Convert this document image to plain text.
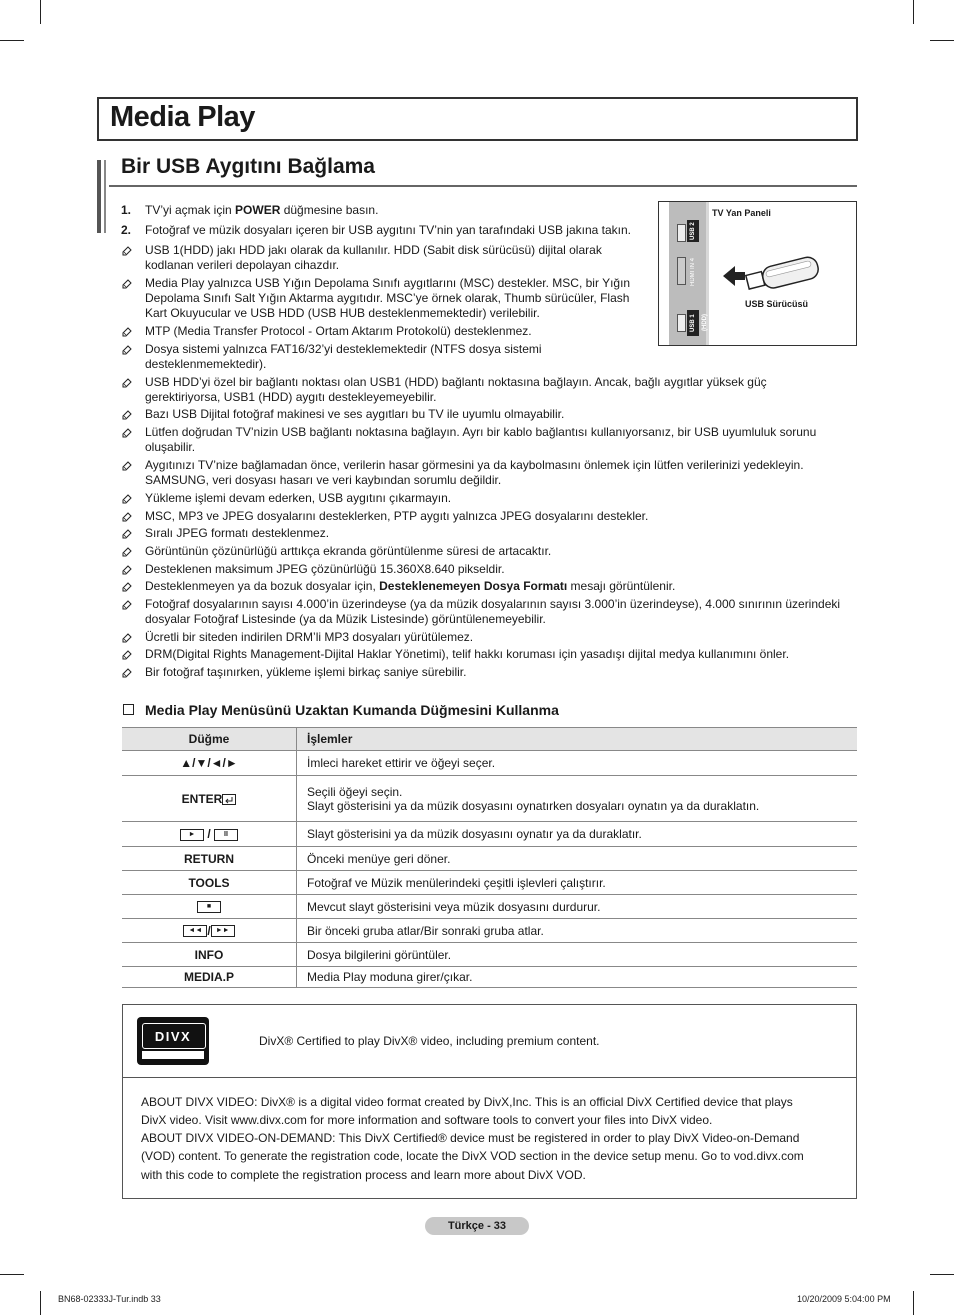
Media Play
Bir USB Aygıtını Bağlama
USB 2
HDMI IN 4
USB 1 (HDD)
TV Yan Paneli
USB Sürücüsü
1. TV’yi açmak için POWER düğmesine basın.
2. Fotoğraf ve müzik dosyaları içeren bir USB aygıtını TV’nin yan tarafındaki USB jakına takın.
USB 1(HDD) jakı HDD jakı olarak da kullanılır. HDD (Sabit disk sürücüsü) dijital olarak
kodlanan verileri depolayan cihazdır.
Media Play yalnızca USB Yığın Depolama Sınıfı aygıtlarını (MSC) destekler. MSC, bir Yığın
Depolama Sınıfı Salt Yığın Aktarma aygıtıdır. MSC’ye örnek olarak, Thumb sürücüler, Flash
Kart Okuyucular ve USB HDD (USB HUB desteklenmemektedir) verilebilir.
MTP (Media Transfer Protocol - Ortam Aktarım Protokolü) desteklenmez.
Dosya sistemi yalnızca FAT16/32’yi desteklemektedir (NTFS dosya sistemi
desteklenmemektedir).
USB HDD’yi özel bir bağlantı noktası olan USB1 (HDD) bağlantı noktasına bağlayın. Ancak, bağlı aygıtlar yüksek güç
gerektiriyorsa, USB1 (HDD) aygıtı destekleyemeyebilir.
Bazı USB Dijital fotoğraf makinesi ve ses aygıtları bu TV ile uyumlu olmayabilir.
Lütfen doğrudan TV’nizin USB bağlantı noktasına bağlayın. Ayrı bir kablo bağlantısı kullanıyorsanız, bir USB uyumluluk sorunu
oluşabilir.
Aygıtınızı TV’nize bağlamadan önce, verilerin hasar görmesini ya da kaybolmasını önlemek için lütfen verilerinizi yedekleyin.
SAMSUNG, veri dosyası hasarı ve veri kaybından sorumlu değildir.
Yükleme işlemi devam ederken, USB aygıtını çıkarmayın.
MSC, MP3 ve JPEG dosyalarını desteklerken, PTP aygıtı yalnızca JPEG dosyalarını destekler.
Sıralı JPEG formatı desteklenmez.
Görüntünün çözünürlüğü arttıkça ekranda görüntülenme süresi de artacaktır.
Desteklenen maksimum JPEG çözünürlüğü 15.360X8.640 pikseldir.
Desteklenmeyen ya da bozuk dosyalar için, Desteklenemeyen Dosya Formatı mesajı görüntülenir.
Fotoğraf dosyalarının sayısı 4.000’in üzerindeyse (ya da müzik dosyalarının sayısı 3.000’in üzerindeyse), 4.000 sınırının üzerindeki
dosyalar Fotoğraf Listesinde (ya da Müzik Listesinde) görüntülenemeyebilir.
Ücretli bir siteden indirilen DRM’li MP3 dosyaları yürütülemez.
DRM(Digital Rights Management-Dijital Haklar Yönetimi), telif hakkı koruması için yasadışı dijital medya kullanımını önler.
Bir fotoğraf taşınırken, yükleme işlemi birkaç saniye sürebilir.
Media Play Menüsünü Uzaktan Kumanda Düğmesini Kullanma
Düğme	İşlemler
▲/▼/◄/►	İmleci hareket ettirir ve öğeyi seçer.
ENTER	Seçili öğeyi seçin.
Slayt gösterisini ya da müzik dosyasını oynatırken dosyaları oynatın ya da duraklatın.

► / II	Slayt gösterisini ya da müzik dosyasını oynatır ya da duraklatır.
RETURN	Önceki menüye geri döner.
TOOLS	Fotoğraf ve Müzik menülerindeki çeşitli işlevleri çalıştırır.
■	Mevcut slayt gösterisini veya müzik dosyasını durdurur.
◄◄ / ►►	Bir önceki gruba atlar/Bir sonraki gruba atlar.
INFO	Dosya bilgilerini görüntüler.
MEDIA.P	Media Play moduna girer/çıkar.
DIVX	DivX® Certified to play DivX® video, including premium content.
ABOUT DIVX VIDEO: DivX® is a digital video format created by DivX,Inc. This is an official DivX Certified device that plays
DivX video. Visit www.divx.com for more information and software tools to convert your files into DivX video.
ABOUT DIVX VIDEO-ON-DEMAND: This DivX Certified® device must be registered in order to play DivX Video-on-Demand
(VOD) content. To generate the registration code, locate the DivX VOD section in the device setup menu. Go to vod.divx.com
with this code to complete the registration process and learn more about DivX VOD.
Türkçe - 33
BN68-02333J-Tur.indb 33	10/20/2009 5:04:00 PM
